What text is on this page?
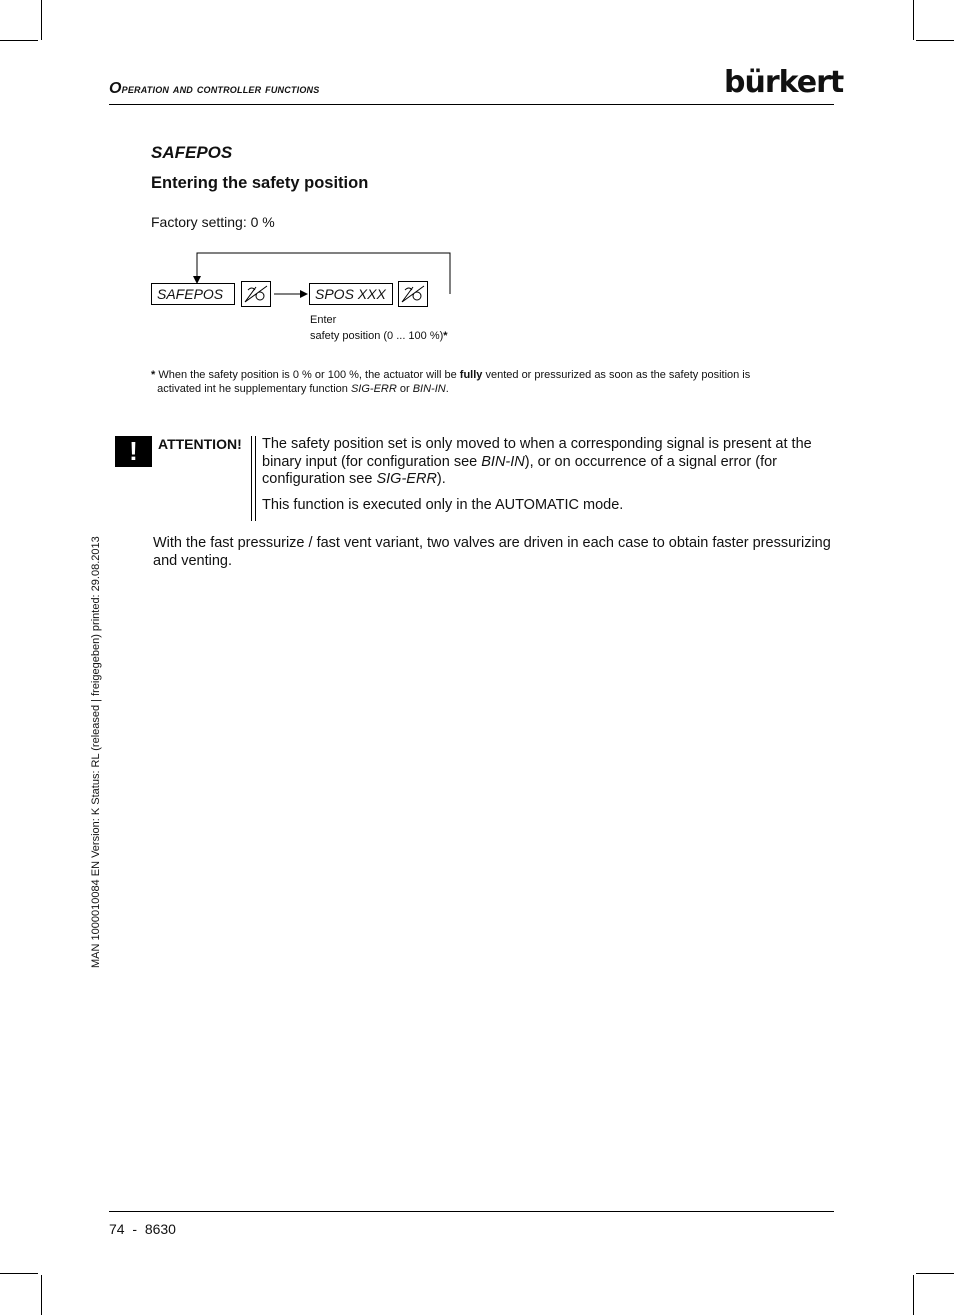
Operation and controller functions	bürkert
SAFEPOS
Entering the safety position
Factory setting: 0 %
SAFEPOS	SPOS XXX
Enter
safety position (0 ... 100 %)*
* When the safety position is 0 % or 100 %, the actuator will be fully vented or pressurized as soon as the safety position is
activated int he supplementary function SIG-ERR or BIN-IN.
!	ATTENTION! The safety position set is only moved to when a corresponding signal is present at the binary input (for configuration see BIN-IN), or on occurrence of a signal error (for configuration see SIG-ERR).

This function is executed only in the AUTOMATIC mode.

With the fast pressurize / fast vent variant, two valves are driven in each case to obtain faster pressurizing and venting.
MAN 1000010084 EN Version: K Status: RL (released | freigegeben) printed: 29.08.2013
74 - 8630
